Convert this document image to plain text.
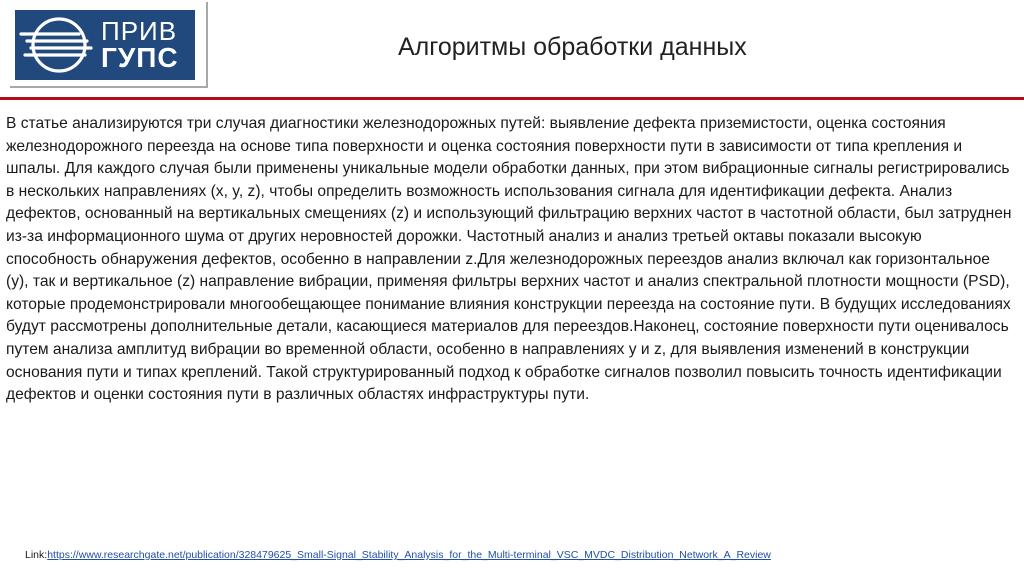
ПРИВ
ГУПС	Алгоритмы обработки данных

В статье анализируются три случая диагностики железнодорожных путей: выявление дефекта приземистости, оценка состояния железнодорожного переезда на основе типа поверхности и оценка состояния поверхности пути в зависимости от типа крепления и шпалы. Для каждого случая были применены уникальные модели обработки данных, при этом вибрационные сигналы регистрировались в нескольких направлениях (x, y, z), чтобы определить возможность использования сигнала для идентификации дефекта. Анализ дефектов, основанный на вертикальных смещениях (z) и использующий фильтрацию верхних частот в частотной области, был затруднен из-за информационного шума от других неровностей дорожки. Частотный анализ и анализ третьей октавы показали высокую способность обнаружения дефектов, особенно в направлении z.Для железнодорожных переездов анализ включал как горизонтальное (y), так и вертикальное (z) направление вибрации, применяя фильтры верхних частот и анализ спектральной плотности мощности (PSD), которые продемонстрировали многообещающее понимание влияния конструкции переезда на состояние пути. В будущих исследованиях будут рассмотрены дополнительные детали, касающиеся материалов для переездов.Наконец, состояние поверхности пути оценивалось путем анализа амплитуд вибрации во временной области, особенно в направлениях y и z, для выявления изменений в конструкции основания пути и типах креплений. Такой структурированный подход к обработке сигналов позволил повысить точность идентификации дефектов и оценки состояния пути в различных областях инфраструктуры пути.

Link:https://www.researchgate.net/publication/328479625_Small-Signal_Stability_Analysis_for_the_Multi-terminal_VSC_MVDC_Distribution_Network_A_Review
